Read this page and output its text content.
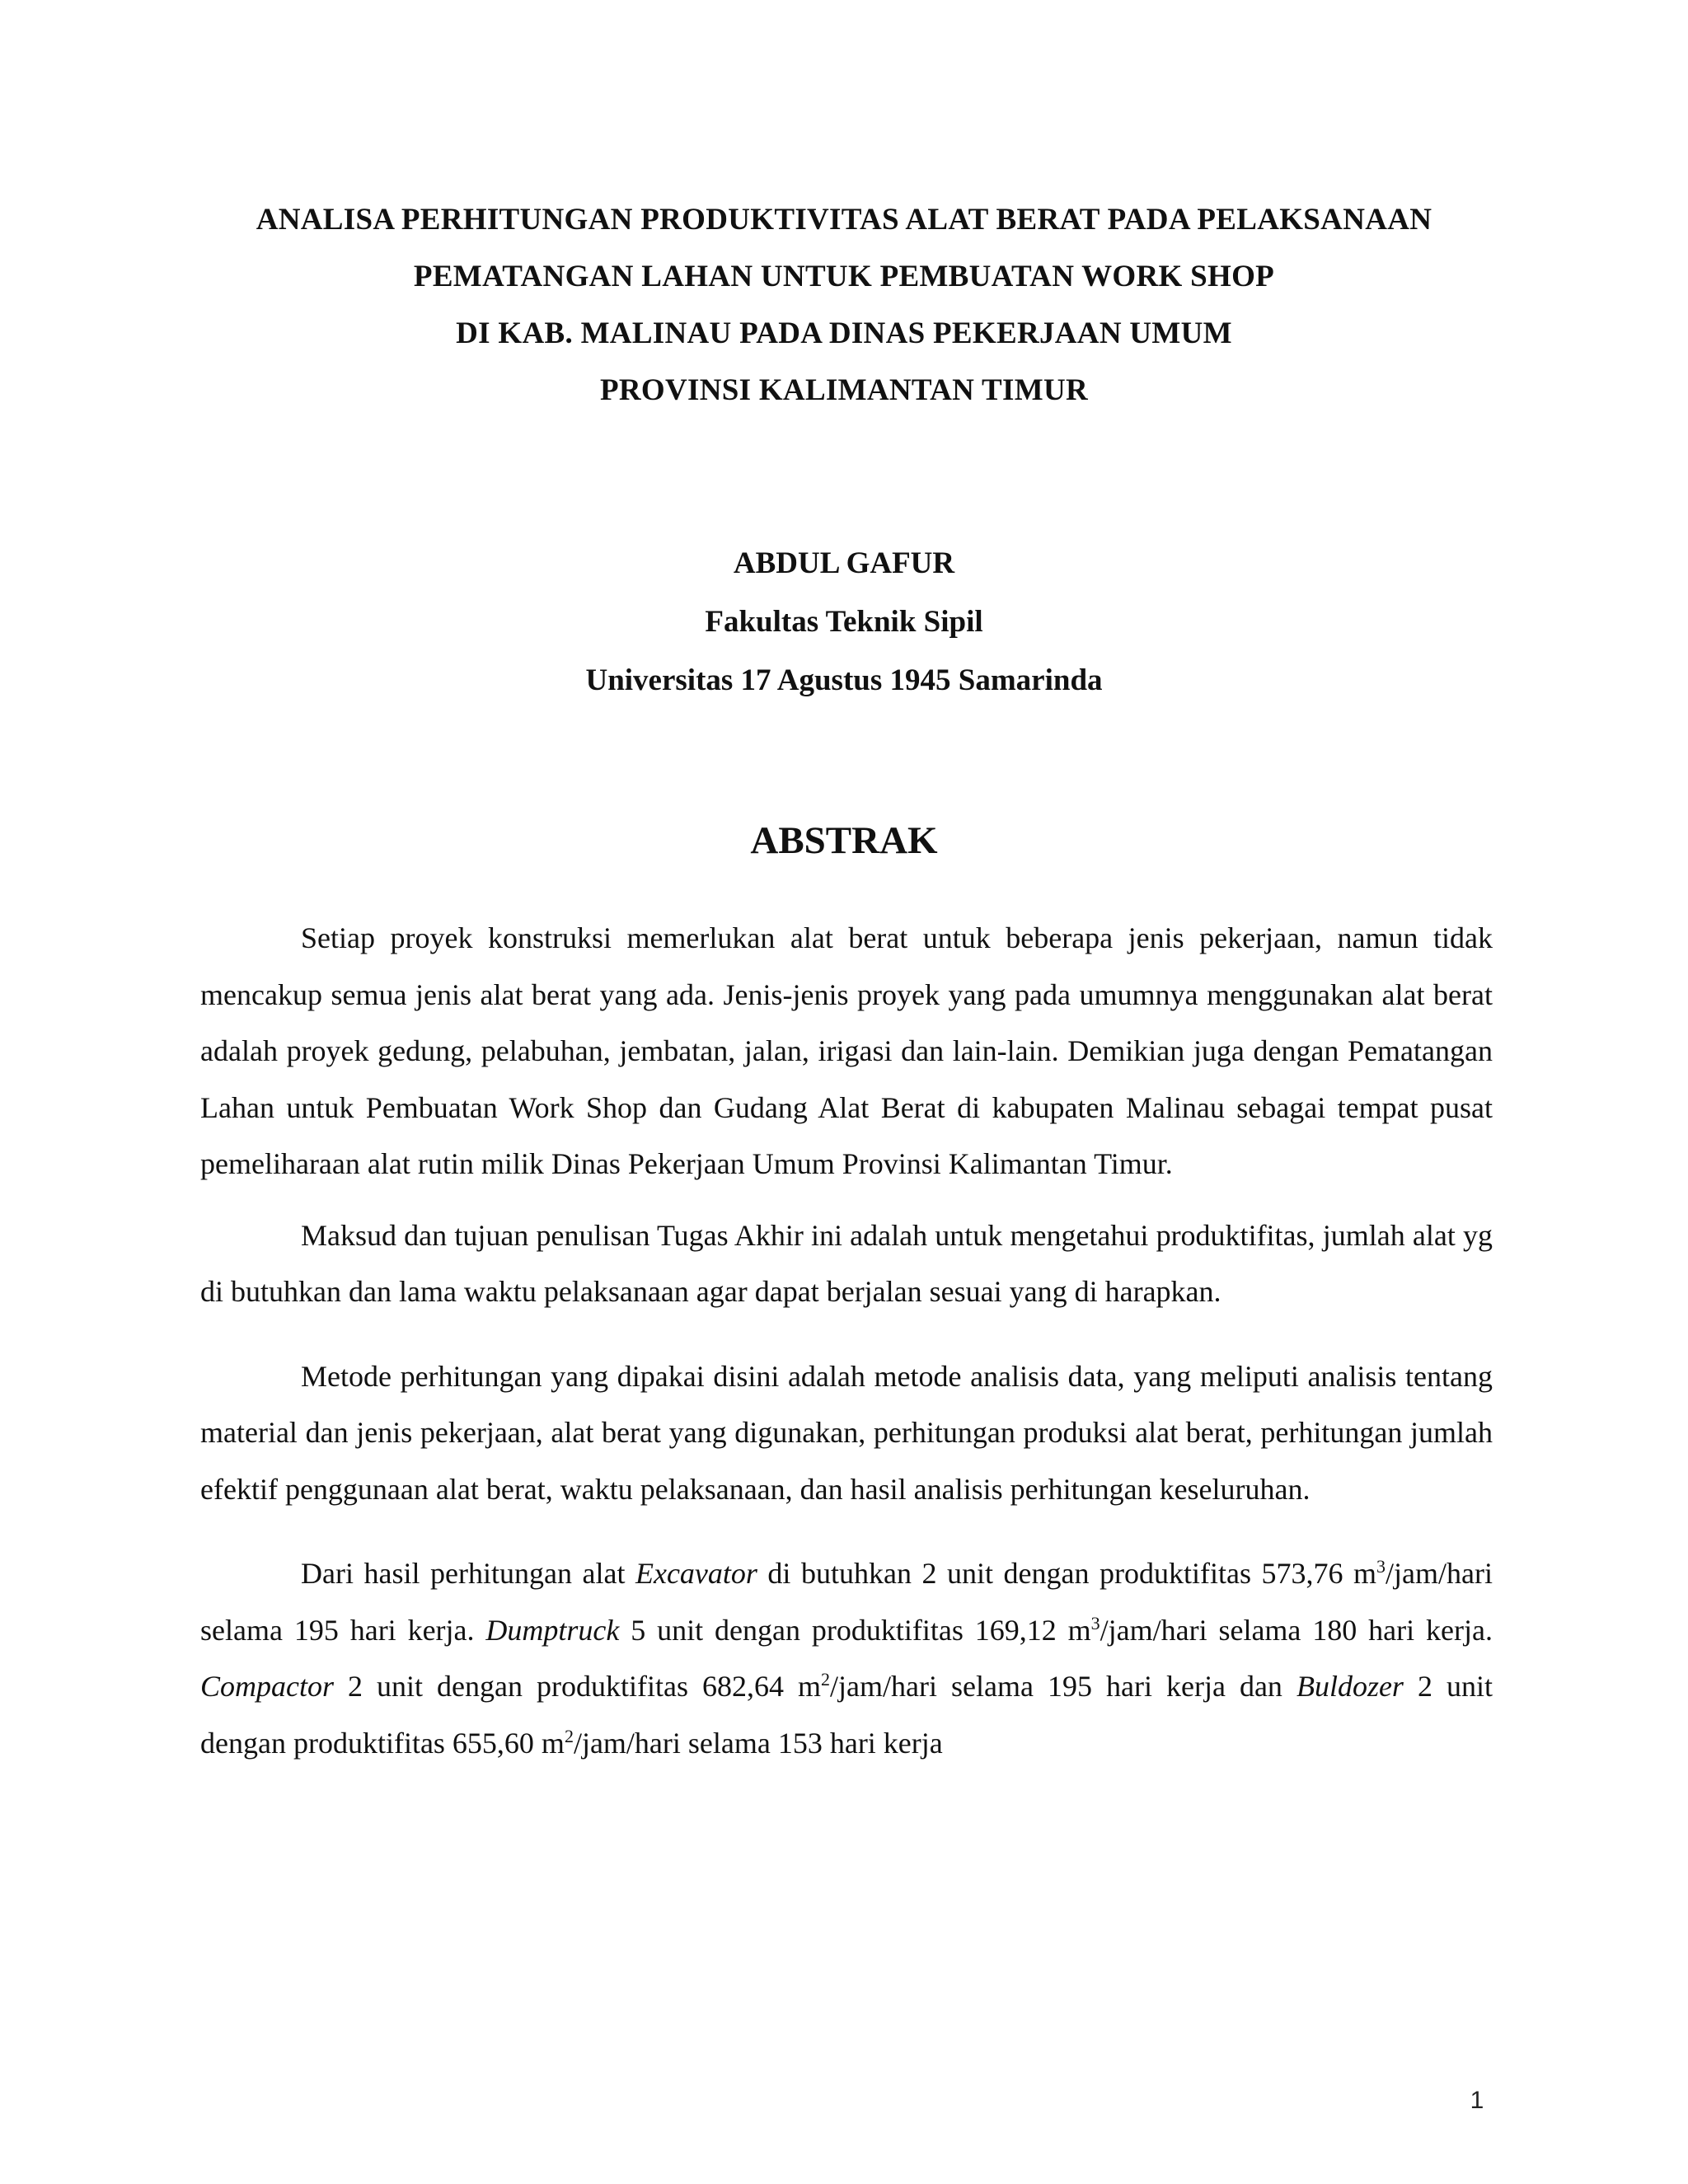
ANALISA PERHITUNGAN PRODUKTIVITAS ALAT BERAT PADA PELAKSANAAN
PEMATANGAN LAHAN UNTUK PEMBUATAN WORK SHOP
DI KAB. MALINAU PADA DINAS PEKERJAAN UMUM
PROVINSI KALIMANTAN TIMUR
ABDUL GAFUR
Fakultas Teknik Sipil
Universitas 17 Agustus 1945 Samarinda
ABSTRAK

Setiap proyek konstruksi memerlukan alat berat untuk beberapa jenis pekerjaan, namun tidak mencakup semua jenis alat berat yang ada. Jenis-jenis proyek yang pada umumnya menggunakan alat berat adalah proyek gedung, pelabuhan, jembatan, jalan, irigasi dan lain-lain. Demikian juga dengan Pematangan Lahan untuk Pembuatan Work Shop dan Gudang Alat Berat di kabupaten Malinau sebagai tempat pusat pemeliharaan alat rutin milik Dinas Pekerjaan Umum Provinsi Kalimantan Timur.

Maksud dan tujuan penulisan Tugas Akhir ini adalah untuk mengetahui produktifitas, jumlah alat yg di butuhkan dan lama waktu pelaksanaan agar dapat berjalan sesuai yang di harapkan.

Metode perhitungan yang dipakai disini adalah metode analisis data, yang meliputi analisis tentang material dan jenis pekerjaan, alat berat yang digunakan, perhitungan produksi alat berat, perhitungan jumlah efektif penggunaan alat berat, waktu pelaksanaan, dan hasil analisis perhitungan keseluruhan.

Dari hasil perhitungan alat Excavator di butuhkan 2 unit dengan produktifitas 573,76 $m^3/jam$/hari selama 195 hari kerja. Dumptruck 5 unit dengan produktifitas 169,12 $m^3/jam$/hari selama 180 hari kerja. Compactor 2 unit dengan produktifitas 682,64 $m^2/jam$/hari selama 195 hari kerja dan Buldozer 2 unit dengan produktifitas 655,60 $m^2/jam$/hari selama 153 hari kerja

1
